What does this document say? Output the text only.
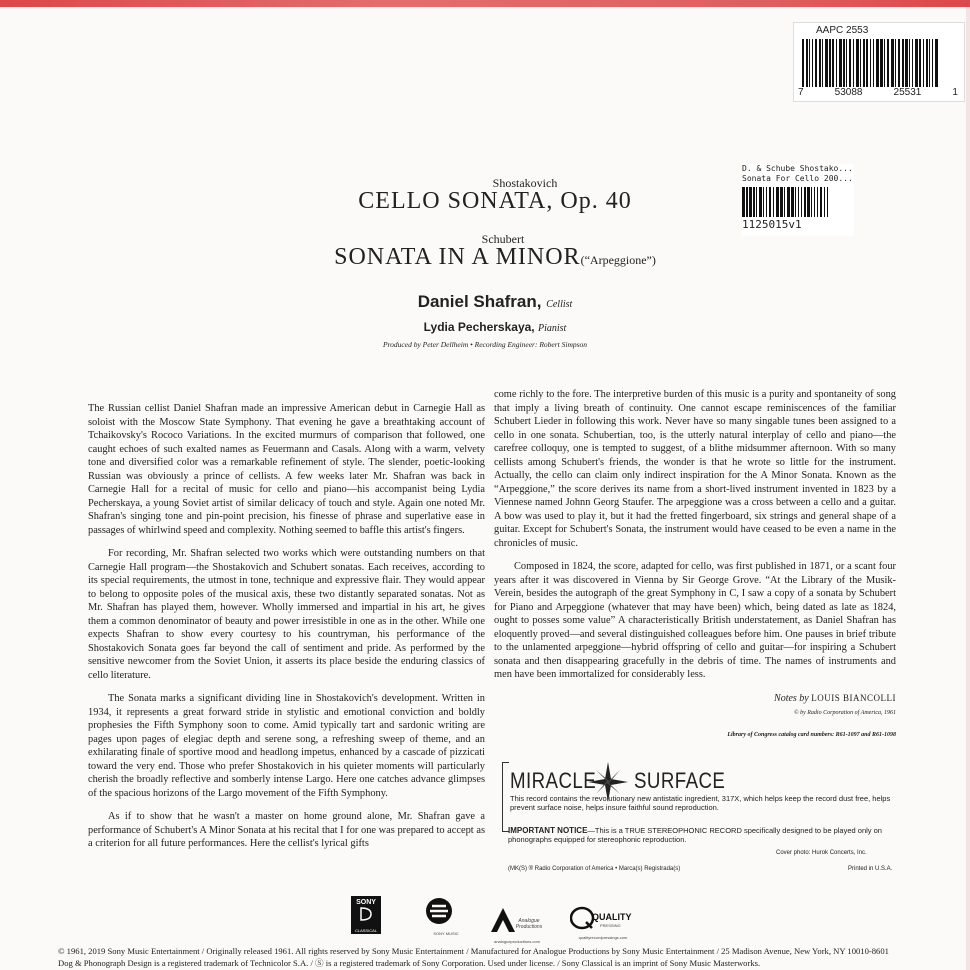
AAPC 2553
7	53088	25531	1
D. & Schube Shostako...
Sonata For Cello 200...
1125015v1
Shostakovich
CELLO SONATA, Op. 40
Schubert
SONATA IN A MINOR(“Arpeggione”)
Daniel Shafran, Cellist
Lydia Pecherskaya, Pianist
Produced by Peter Dellheim • Recording Engineer: Robert Simpson

The Russian cellist Daniel Shafran made an impressive American debut in Carnegie Hall as soloist with the Moscow State Symphony. That evening he gave a breathtaking account of Tchaikovsky's Rococo Variations. In the excited murmurs of comparison that followed, one caught echoes of such exalted names as Feuermann and Casals. Along with a warm, velvety tone and diversified color was a remarkable refinement of style. The slender, poetic-looking Russian was obviously a prince of cellists. A few weeks later Mr. Shafran was back in Carnegie Hall for a recital of music for cello and piano—his accompanist being Lydia Pecherskaya, a young Soviet artist of similar delicacy of touch and style. Again one noted Mr. Shafran's singing tone and pin-point precision, his finesse of phrase and superlative ease in passages of whirlwind speed and complexity. Nothing seemed to baffle this artist's fingers.

For recording, Mr. Shafran selected two works which were outstanding numbers on that Carnegie Hall program—the Shostakovich and Schubert sonatas. Each receives, according to its special requirements, the utmost in tone, technique and expressive flair. They would appear to belong to opposite poles of the musical axis, these two distantly separated sonatas. Not as Mr. Shafran has played them, however. Wholly immersed and impartial in his art, he gives them a common denominator of beauty and power irresistible in one as in the other. While one expects Shafran to show every courtesy to his countryman, his performance of the Shostakovich Sonata goes far beyond the call of sentiment and pride. As performed by the sensitive newcomer from the Soviet Union, it asserts its place beside the enduring classics of cello literature.

The Sonata marks a significant dividing line in Shostakovich's development. Written in 1934, it represents a great forward stride in stylistic and emotional conviction and boldly prophesies the Fifth Symphony soon to come. Amid typically tart and sardonic writing are pages upon pages of elegiac depth and serene song, a refreshing sweep of theme, and an exhilarating finale of sportive mood and headlong impetus, enhanced by a cascade of pizzicati toward the very end. Those who prefer Shostakovich in his quieter moments will particularly cherish the broadly reflective and somberly intense Largo. Here one catches advance glimpses of the spacious horizons of the Largo movement of the Fifth Symphony.

As if to show that he wasn't a master on home ground alone, Mr. Shafran gave a performance of Schubert's A Minor Sonata at his recital that I for one was prepared to accept as a criterion for all future performances. Here the cellist's lyrical gifts

come richly to the fore. The interpretive burden of this music is a purity and spontaneity of song that imply a living breath of continuity. One cannot escape reminiscences of the familiar Schubert Lieder in following this work. Never have so many singable tunes been assigned to a cello in one sonata. Schubertian, too, is the utterly natural interplay of cello and piano—the carefree colloquy, one is tempted to suggest, of a blithe midsummer afternoon. With so many cellists among Schubert's friends, the wonder is that he wrote so little for the instrument. Actually, the cello can claim only indirect inspiration for the A Minor Sonata. Known as the “Arpeggione,” the score derives its name from a short-lived instrument invented in 1823 by a Viennese named Johnn Georg Staufer. The arpeggione was a cross between a cello and a guitar. A bow was used to play it, but it had the fretted fingerboard, six strings and general shape of a guitar. Except for Schubert's Sonata, the instrument would have ceased to be even a name in the chronicles of music.

Composed in 1824, the score, adapted for cello, was first published in 1871, or a scant four years after it was discovered in Vienna by Sir George Grove. “At the Library of the Musik-Verein, besides the autograph of the great Symphony in C, I saw a copy of a sonata by Schubert for Piano and Arpeggione (whatever that may have been) which, being dated as late as 1824, ought to posses some value” A characteristically British understatement, as Daniel Shafran has eloquently proved—and several distinguished colleagues before him. One pauses in brief tribute to the unlamented arpeggione—hybrid offspring of cello and guitar—for inspiring a Schubert sonata and then disappearing gracefully in the debris of time. The names of instruments and men have been immortalized for considerably less.

Notes by LOUIS BIANCOLLI
© by Radio Corporation of America, 1961
Library of Congress catalog card numbers: R61-1097 and R61-1098
MIRACLE SURFACE
This record contains the revolutionary new antistatic ingredient, 317X, which helps keep the record dust free, helps prevent surface noise, helps insure faithful sound reproduction.
IMPORTANT NOTICE—This is a TRUE STEREOPHONIC RECORD specifically designed to be played only on phonographs equipped for stereophonic reproduction.
Cover photo: Hurok Concerts, Inc.
(MK(S) ® Radio Corporation of America • Marca(s) Registrada(s)	Printed in U.S.A.
SONY
CLASSICAL
SONY MUSIC
Analogue Productions
analogueproductions.com
QUALITY
PRESSING
qualityrecordpressings.com
© 1961, 2019 Sony Music Entertainment / Originally released 1961. All rights reserved by Sony Music Entertainment / Manufactured for Analogue Productions by Sony Music Entertainment / 25 Madison Avenue, New York, NY 10010-8601
Dog & Phonograph Design is a registered trademark of Technicolor S.A. / Ⓢ is a registered trademark of Sony Corporation. Used under license. / Sony Classical is an imprint of Sony Music Masterworks.
